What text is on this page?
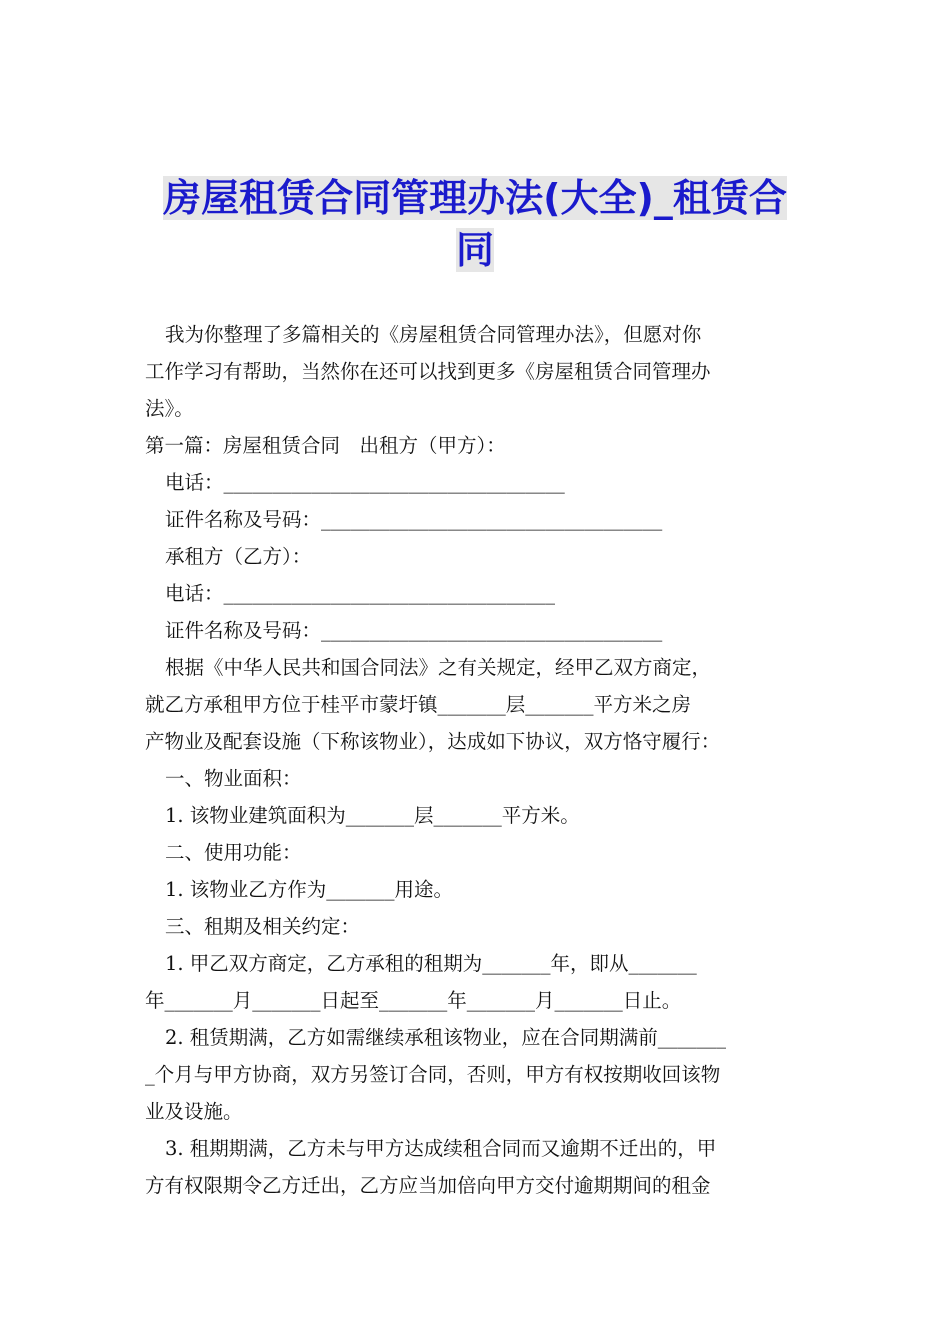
房屋租赁合同管理办法(大全)_租赁合
同

我为你整理了多篇相关的《房屋租赁合同管理办法》，但愿对你

工作学习有帮助，当然你在还可以找到更多《房屋租赁合同管理办

法》。

第一篇：房屋租赁合同　出租方（甲方）：

电话：___________________________________

证件名称及号码：___________________________________

承租方（乙方）：

电话：__________________________________

证件名称及号码：___________________________________

根据《中华人民共和国合同法》之有关规定，经甲乙双方商定，

就乙方承租甲方位于桂平市蒙圩镇_______层_______平方米之房

产物业及配套设施（下称该物业），达成如下协议，双方恪守履行：

一、物业面积：

1. 该物业建筑面积为_______层_______平方米。

二、使用功能：

1. 该物业乙方作为_______用途。

三、租期及相关约定：

1. 甲乙双方商定，乙方承租的租期为_______年，即从_______

年_______月_______日起至_______年_______月_______日止。

2. 租赁期满，乙方如需继续承租该物业，应在合同期满前_______

_个月与甲方协商，双方另签订合同，否则，甲方有权按期收回该物

业及设施。

3. 租期期满，乙方未与甲方达成续租合同而又逾期不迁出的，甲

方有权限期令乙方迁出，乙方应当加倍向甲方交付逾期期间的租金
